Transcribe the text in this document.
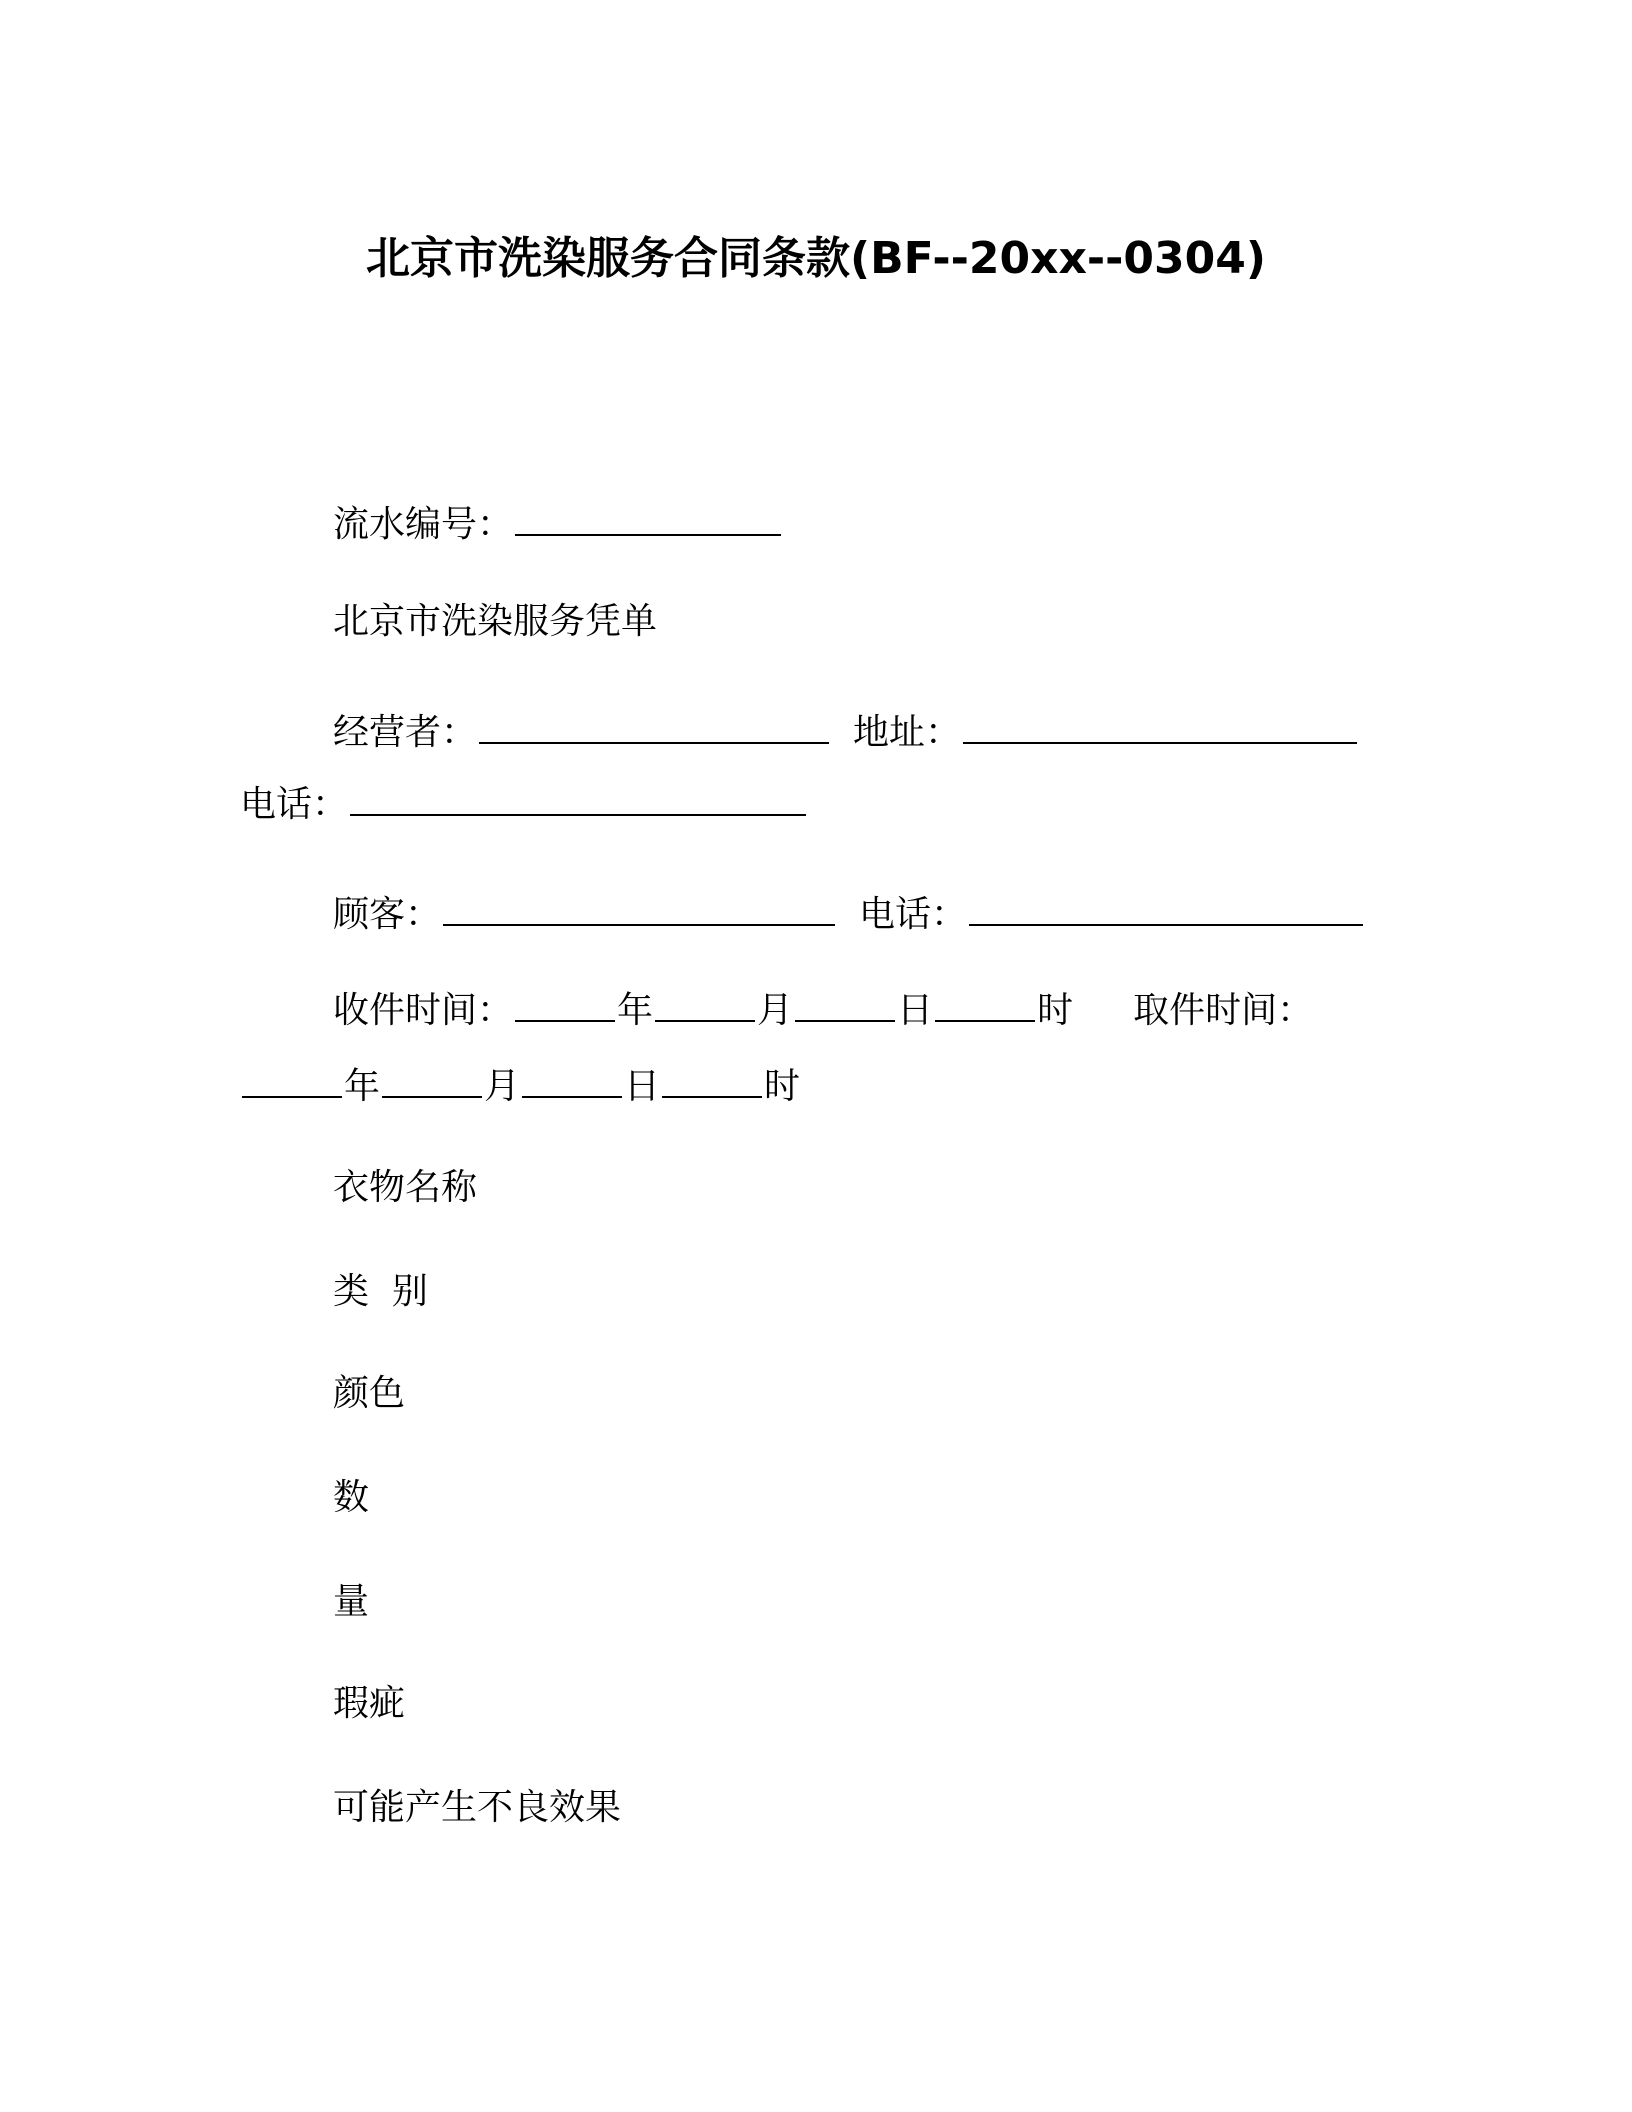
北京市洗染服务合同条款(BF--20xx--0304)
流水编号：
北京市洗染服务凭单
经营者：	地址：
电话：
顾客：	电话：
收件时间：	年	月	日	时 取件时间：
年	月	日	时
衣物名称
类  别
颜色
数
量
瑕疵
可能产生不良效果
